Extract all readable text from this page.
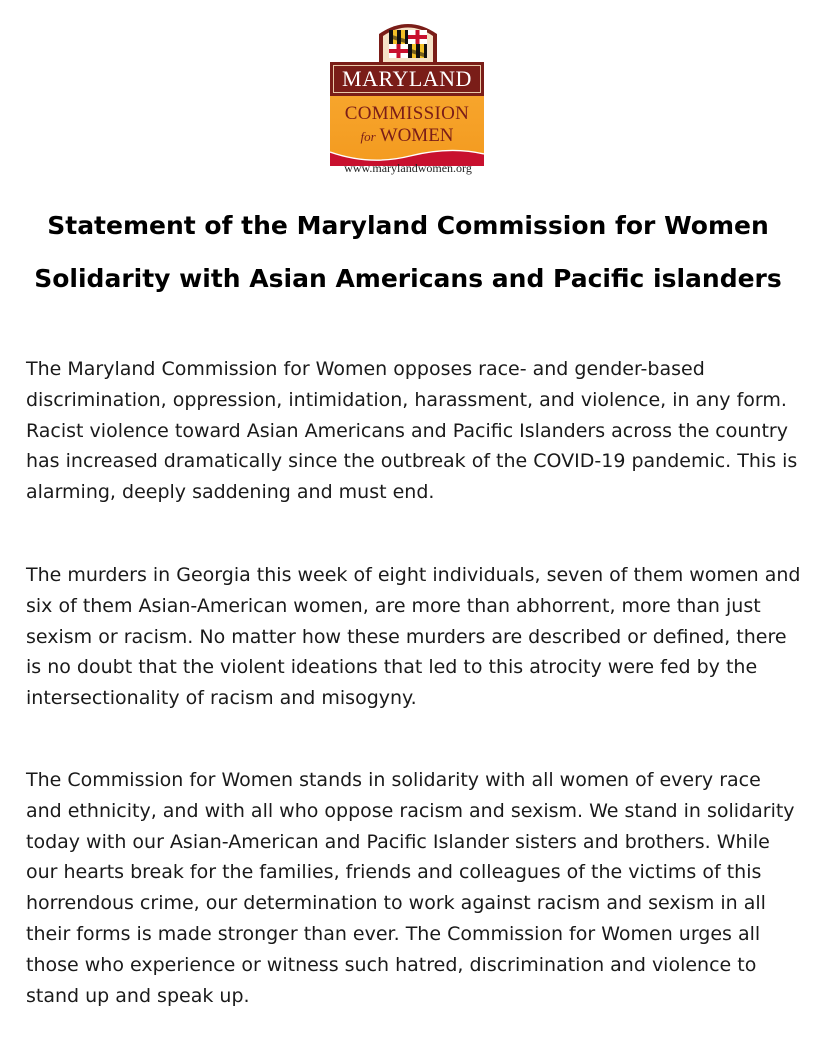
MARYLAND
COMMISSION
for WOMEN
www.marylandwomen.org
Statement of the Maryland Commission for Women
Solidarity with Asian Americans and Pacific islanders

The Maryland Commission for Women opposes race- and gender-based discrimination, oppression, intimidation, harassment, and violence, in any form. Racist violence toward Asian Americans and Pacific Islanders across the country has increased dramatically since the outbreak of the COVID-19 pandemic. This is alarming, deeply saddening and must end.

The murders in Georgia this week of eight individuals, seven of them women and six of them Asian-American women, are more than abhorrent, more than just sexism or racism. No matter how these murders are described or defined, there is no doubt that the violent ideations that led to this atrocity were fed by the intersectionality of racism and misogyny.

The Commission for Women stands in solidarity with all women of every race and ethnicity, and with all who oppose racism and sexism. We stand in solidarity today with our Asian-American and Pacific Islander sisters and brothers. While our hearts break for the families, friends and colleagues of the victims of this horrendous crime, our determination to work against racism and sexism in all their forms is made stronger than ever. The Commission for Women urges all those who experience or witness such hatred, discrimination and violence to stand up and speak up.
